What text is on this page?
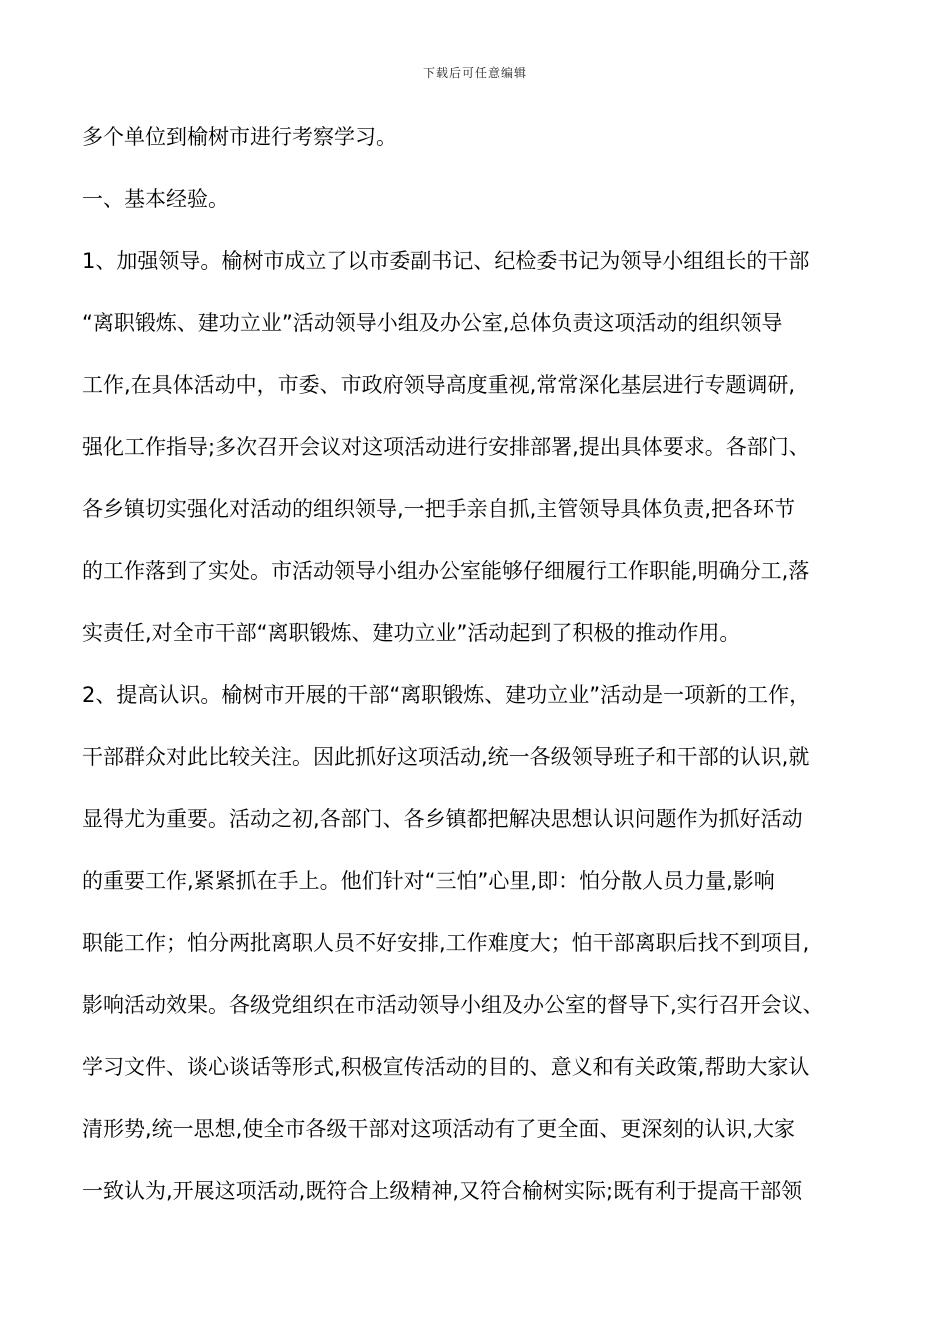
下载后可任意编辑
多个单位到榆树市进行考察学习。
一、基本经验。
1、加强领导。榆树市成立了以市委副书记、纪检委书记为领导小组组长的干部
“离职锻炼、建功立业”活动领导小组及办公室,总体负责这项活动的组织领导
工作,在具体活动中，市委、市政府领导高度重视,常常深化基层进行专题调研,
强化工作指导;多次召开会议对这项活动进行安排部署,提出具体要求。各部门、
各乡镇切实强化对活动的组织领导,一把手亲自抓,主管领导具体负责,把各环节
的工作落到了实处。市活动领导小组办公室能够仔细履行工作职能,明确分工,落
实责任,对全市干部“离职锻炼、建功立业”活动起到了积极的推动作用。
2、提高认识。榆树市开展的干部“离职锻炼、建功立业”活动是一项新的工作，
干部群众对此比较关注。因此抓好这项活动,统一各级领导班子和干部的认识,就
显得尤为重要。活动之初,各部门、各乡镇都把解决思想认识问题作为抓好活动
的重要工作,紧紧抓在手上。他们针对“三怕”心里,即：怕分散人员力量,影响
职能工作；怕分两批离职人员不好安排,工作难度大；怕干部离职后找不到项目,
影响活动效果。各级党组织在市活动领导小组及办公室的督导下,实行召开会议、
学习文件、谈心谈话等形式,积极宣传活动的目的、意义和有关政策,帮助大家认
清形势,统一思想,使全市各级干部对这项活动有了更全面、更深刻的认识,大家
一致认为,开展这项活动,既符合上级精神,又符合榆树实际;既有利于提高干部领
